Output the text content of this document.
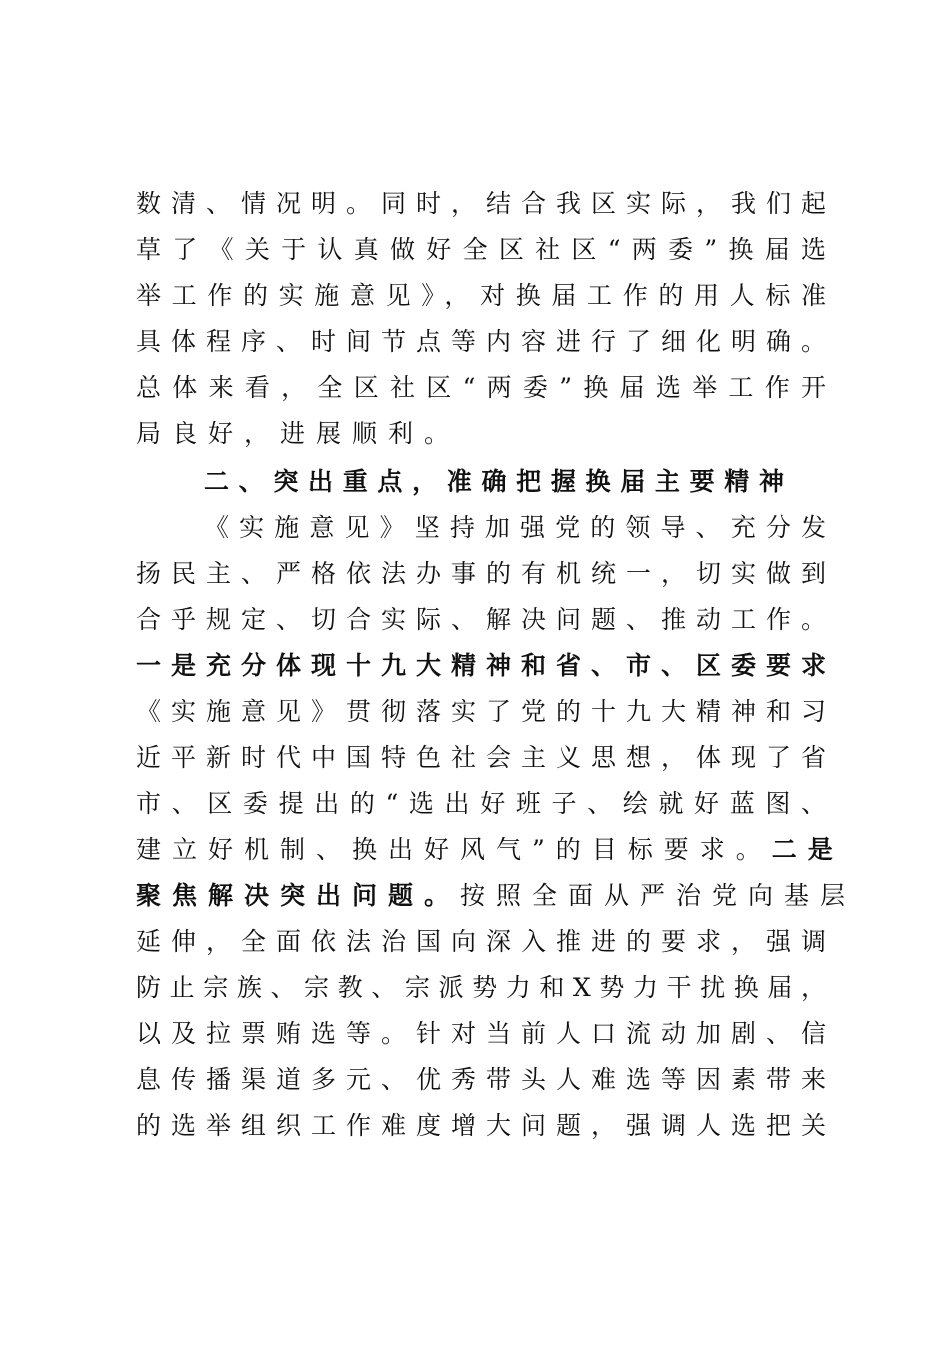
数清、情况明。同时，结合我区实际，我们起
草了《关于认真做好全区社区“两委”换届选
举工作的实施意见》，对换届工作的用人标准
具体程序、时间节点等内容进行了细化明确。
总体来看，全区社区“两委”换届选举工作开
局良好，进展顺利。
二、突出重点，准确把握换届主要精神
《实施意见》坚持加强党的领导、充分发
扬民主、严格依法办事的有机统一，切实做到
合乎规定、切合实际、解决问题、推动工作。
一是充分体现十九大精神和省、市、区委要求
《实施意见》贯彻落实了党的十九大精神和习
近平新时代中国特色社会主义思想，体现了省
市、区委提出的“选出好班子、绘就好蓝图、
建立好机制、换出好风气”的目标要求。二是
聚焦解决突出问题。按照全面从严治党向基层
延伸，全面依法治国向深入推进的要求，强调
防止宗族、宗教、宗派势力和X势力干扰换届，
以及拉票贿选等。针对当前人口流动加剧、信
息传播渠道多元、优秀带头人难选等因素带来
的选举组织工作难度增大问题，强调人选把关
